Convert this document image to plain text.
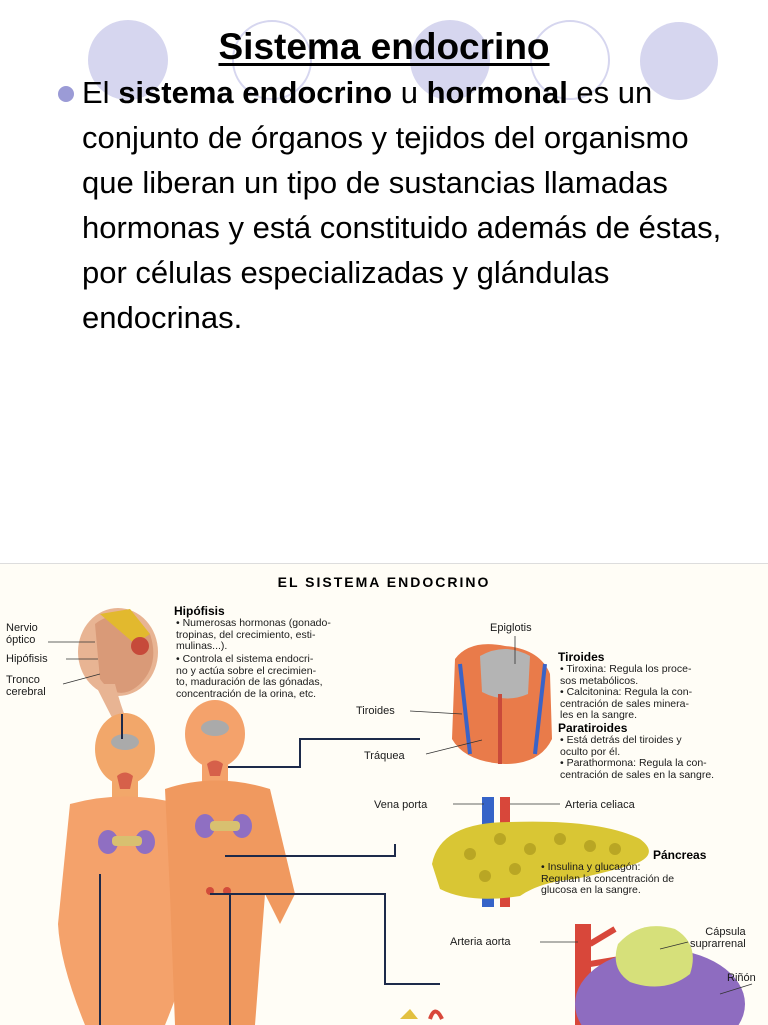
Sistema endocrino

El sistema endocrino u hormonal es un conjunto de órganos y tejidos del organismo que liberan un tipo de sustancias llamadas hormonas y está constituido además de éstas, por células especializadas y glándulas endocrinas.

EL SISTEMA ENDOCRINO
Nervio
óptico
Hipófisis
Tronco
cerebral
Hipófisis
• Numerosas hormonas (gonado-
tropinas, del crecimiento, esti-
mulinas...).
• Controla el sistema endocri-
no y actúa sobre el crecimien-
to, maduración de las gónadas,
concentración de la orina, etc.
Epiglotis
Tiroides
• Tiroxina: Regula los proce-
sos metabólicos.
• Calcitonina: Regula la con-
centración de sales minera-
les en la sangre.
Tiroides
Tráquea
Paratiroides
• Está detrás del tiroides y
oculto por él.
• Parathormona: Regula la con-
centración de sales en la sangre.
Vena porta	Arteria celiaca
Páncreas
• Insulina y glucagón:
Regulan la concentración de
glucosa en la sangre.
Arteria aorta
Cápsula
suprarrenal
Riñón
